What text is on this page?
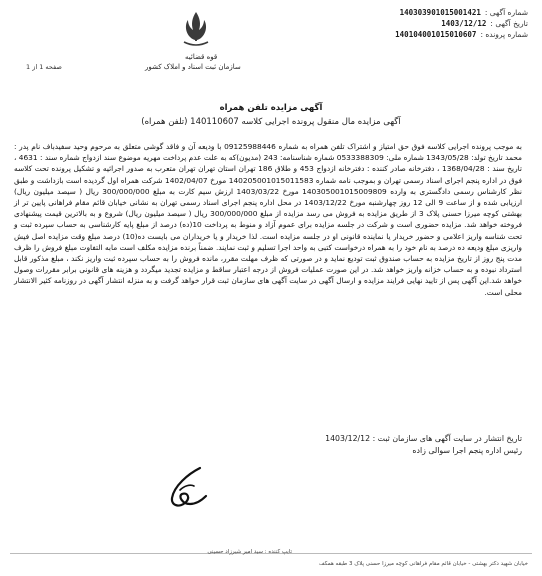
قوه قضائیه
سازمان ثبت اسناد و املاک کشور
شماره آگهی :
140303901015001421
تاریخ آگهی :
1403/12/12
شماره پرونده :
140104001015010607
صفحه 1 از 1
آگهی مزایده تلفن همراه
آگهی مزایده مال منقول پرونده اجرایی کلاسه 140110607 (تلفن همراه)
به موجب پرونده اجرایی کلاسه فوق حق امتیاز و اشتراک تلفن همراه به شماره 09125988446 با ودیعه آن و فاقد گوشی متعلق به مرحوم وحید سفیدباف نام پدر : محمد تاریخ تولد: 1343/05/28 شماره ملی: 0533388309 شماره شناسنامه: 243 (مدیون)که به علت عدم پرداخت مهریه موضوع سند ازدواج شماره سند : 4631 ، تاریخ سند : 1368/04/28 ، دفترخانه صادر کننده : دفترخانه ازدواج 453 و طلاق 186 تهران استان تهران تهران متعرب به صدور اجرائیه و تشکیل پرونده تحت کلاسه فوق در اداره پنجم اجرای اسناد رسمی تهران و بموجب نامه شماره 140205001015011583 مورخ 1402/04/07 شرکت همراه اول گردیده است بازداشت و طبق نظر کارشناس رسمی دادگستری به وارده 140305001015009809 مورخ 1403/03/22 ارزش سیم کارت به مبلغ 300/000/000 ریال ( سیصد میلیون ریال) ارزیابی شده و از ساعت 9 الی 12 روز چهارشنبه مورخ 1403/12/22 در محل اداره پنجم اجرای اسناد رسمی تهران به نشانی خیابان قائم مقام فراهانی پایین تر از بهشتی کوچه میرزا حسنی پلاک 3 از طریق مزایده به فروش می رسد مزایده از مبلغ 300/000/000 ریال ( سیصد میلیون ریال) شروع و به بالاترین قیمت پیشنهادی فروخته خواهد شد. مزایده حضوری است و شرکت در جلسه مزایده برای عموم آزاد و منوط به پرداخت 10(ده) درصد از مبلغ پایه کارشناسی به حساب سپرده ثبت و تحت شناسه واریز اعلامی و حضور خریدار یا نماینده قانونی او در جلسه مزایده است. لذا خریدار و یا خریداران می بایست ده(10) درصد مبلغ وقت مزایده اصل فیش واریزی مبلغ ودیعه ده درصد به نام خود را به همراه درخواست کتبی به واحد اجرا تسلیم و ثبت نمایند. ضمناً برنده مزایده مکلف است مابه التفاوت مبلغ فروش را ظرف مدت پنج روز از تاریخ مزایده به حساب صندوق ثبت تودیع نماید و در صورتی که ظرف مهلت مقرر، مانده فروش را به حساب سپرده ثبت واریز نکند ، مبلغ مذکور قابل استرداد نبوده و به حساب خزانه واریز خواهد شد. در این صورت عملیات فروش از درجه اعتبار ساقط و مزایده تجدید میگردد و هزینه های قانونی برابر مقررات وصول خواهد شد.این آگهی پس از تایید نهایی فرایند مزایده و ارسال آگهی در سایت آگهی های سازمان ثبت قرار خواهد گرفت و به منزله انتشار آگهی در روزنامه کثیر الانتشار محلی است.
تاریخ انتشار در سایت آگهی های سازمان ثبت : 1403/12/12
رئیس اداره پنجم اجرا سوالی زاده
تایپ کننده : سید امیر شیرزاد حسینی
خیابان شهید دکتر بهشتی - خیابان قائم مقام فراهانی کوچه میرزا حسنی پلاک 3 طبقه همکف
